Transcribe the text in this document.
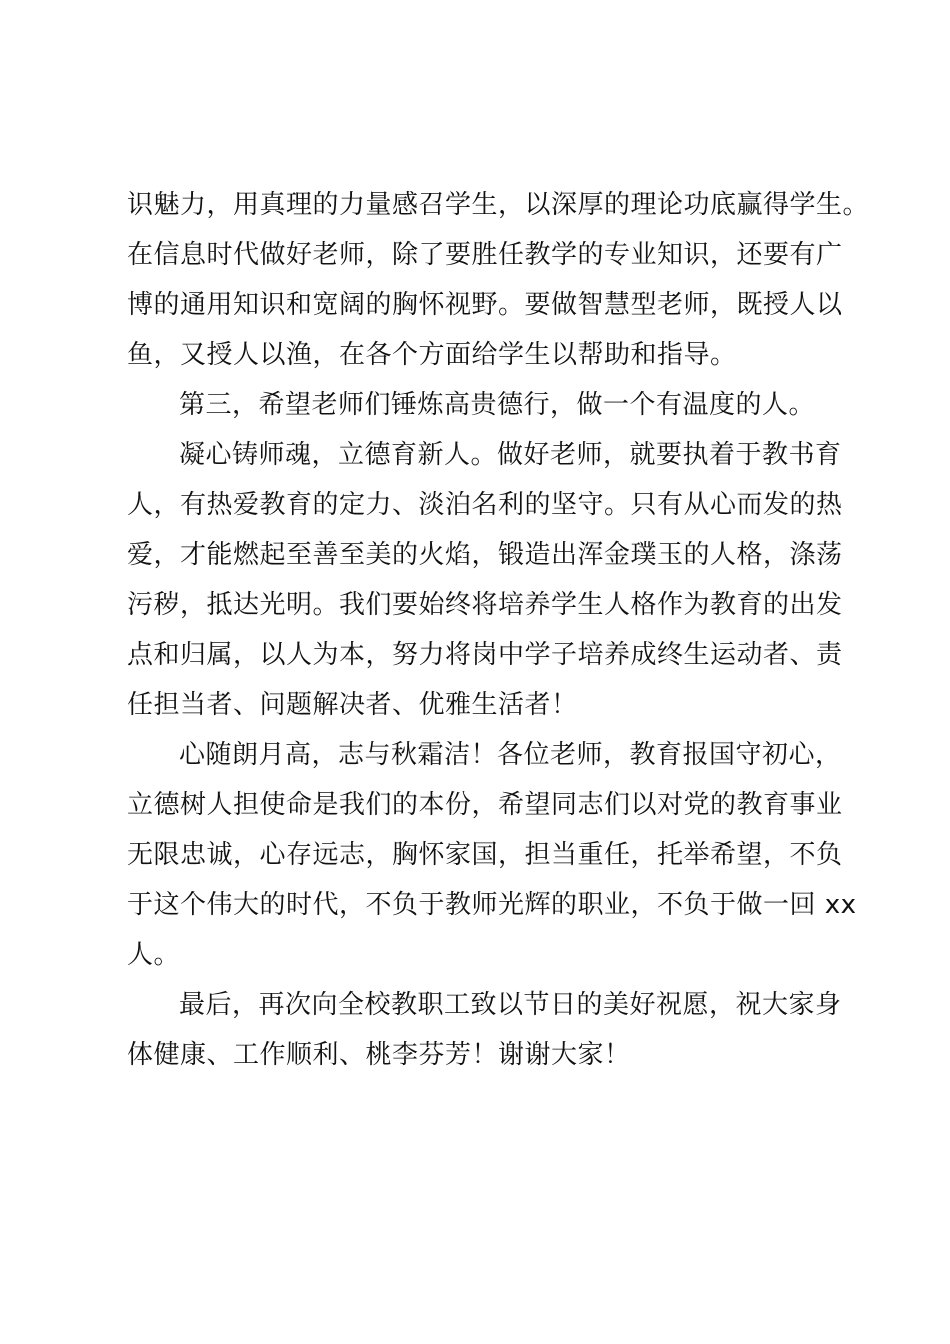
识魅力，用真理的力量感召学生，以深厚的理论功底赢得学生。
在信息时代做好老师，除了要胜任教学的专业知识，还要有广
博的通用知识和宽阔的胸怀视野。要做智慧型老师，既授人以
鱼，又授人以渔，在各个方面给学生以帮助和指导。
第三，希望老师们锤炼高贵德行，做一个有温度的人。
凝心铸师魂，立德育新人。做好老师，就要执着于教书育
人，有热爱教育的定力、淡泊名利的坚守。只有从心而发的热
爱，才能燃起至善至美的火焰，锻造出浑金璞玉的人格，涤荡
污秽，抵达光明。我们要始终将培养学生人格作为教育的出发
点和归属，以人为本，努力将岗中学子培养成终生运动者、责
任担当者、问题解决者、优雅生活者！
心随朗月高，志与秋霜洁！各位老师，教育报国守初心，
立德树人担使命是我们的本份，希望同志们以对党的教育事业
无限忠诚，心存远志，胸怀家国，担当重任，托举希望，不负
于这个伟大的时代，不负于教师光辉的职业，不负于做一回 xx
人。
最后，再次向全校教职工致以节日的美好祝愿，祝大家身
体健康、工作顺利、桃李芬芳！谢谢大家！
